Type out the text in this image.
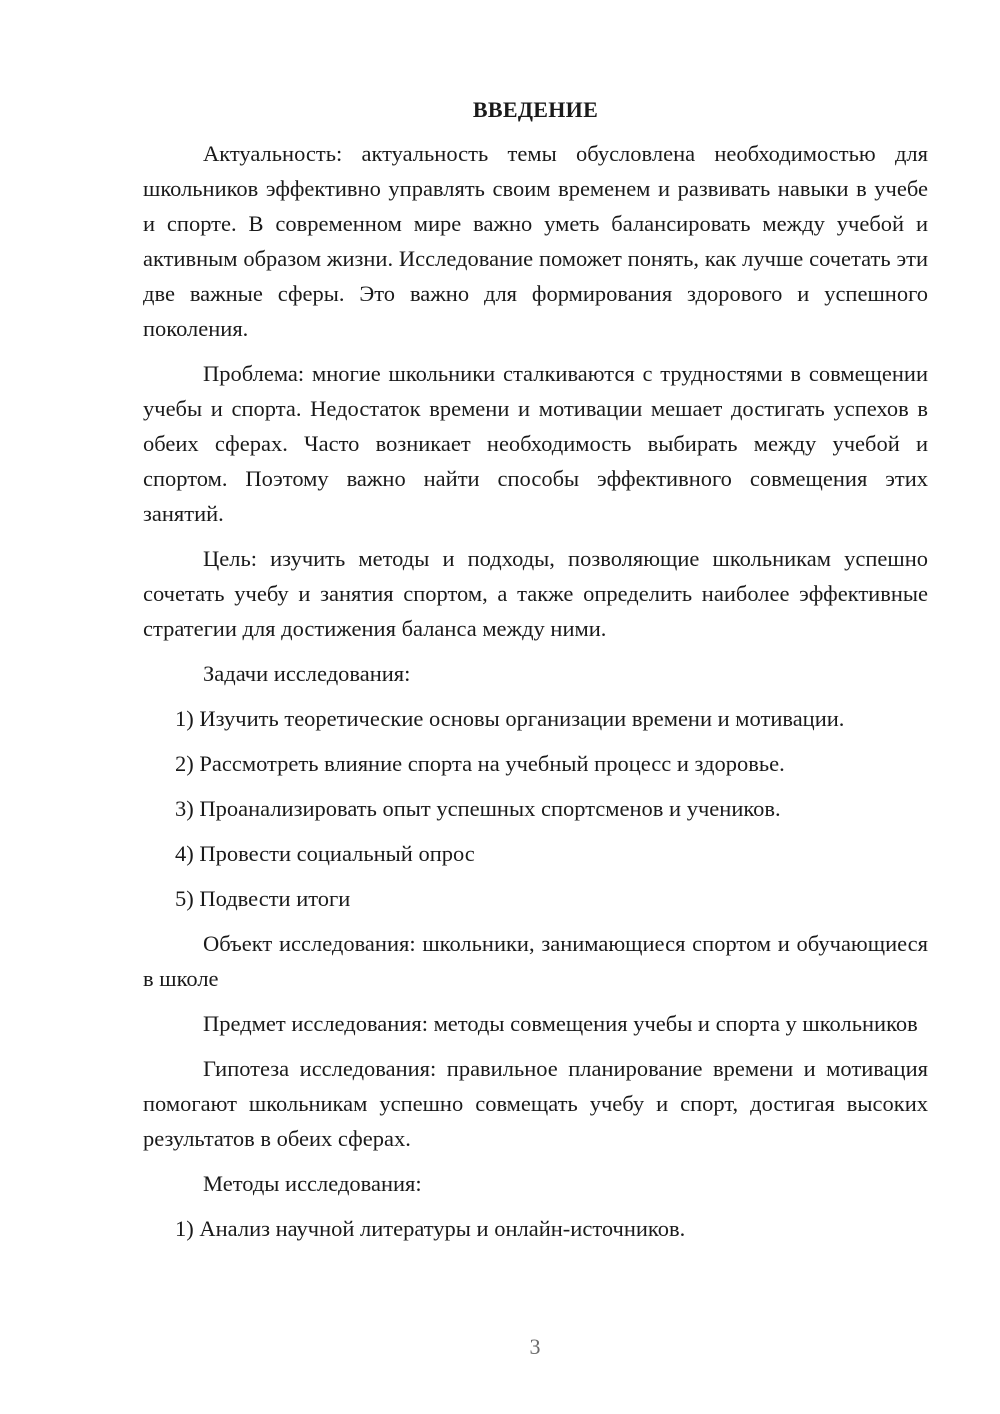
ВВЕДЕНИЕ

Актуальность: актуальность темы обусловлена необходимостью для школьников эффективно управлять своим временем и развивать навыки в учебе и спорте. В современном мире важно уметь балансировать между учебой и активным образом жизни. Исследование поможет понять, как лучше сочетать эти две важные сферы. Это важно для формирования здорового и успешного поколения.

Проблема: многие школьники сталкиваются с трудностями в совмещении учебы и спорта. Недостаток времени и мотивации мешает достигать успехов в обеих сферах. Часто возникает необходимость выбирать между учебой и спортом. Поэтому важно найти способы эффективного совмещения этих занятий.

Цель: изучить методы и подходы, позволяющие школьникам успешно сочетать учебу и занятия спортом, а также определить наиболее эффективные стратегии для достижения баланса между ними.

Задачи исследования:

1) Изучить теоретические основы организации времени и мотивации.

2) Рассмотреть влияние спорта на учебный процесс и здоровье.

3) Проанализировать опыт успешных спортсменов и учеников.

4) Провести социальный опрос

5) Подвести итоги

Объект исследования: школьники, занимающиеся спортом и обучающиеся в школе

Предмет исследования: методы совмещения учебы и спорта у школьников

Гипотеза исследования: правильное планирование времени и мотивация помогают школьникам успешно совмещать учебу и спорт, достигая высоких результатов в обеих сферах.

Методы исследования:

1) Анализ научной литературы и онлайн-источников.

3
